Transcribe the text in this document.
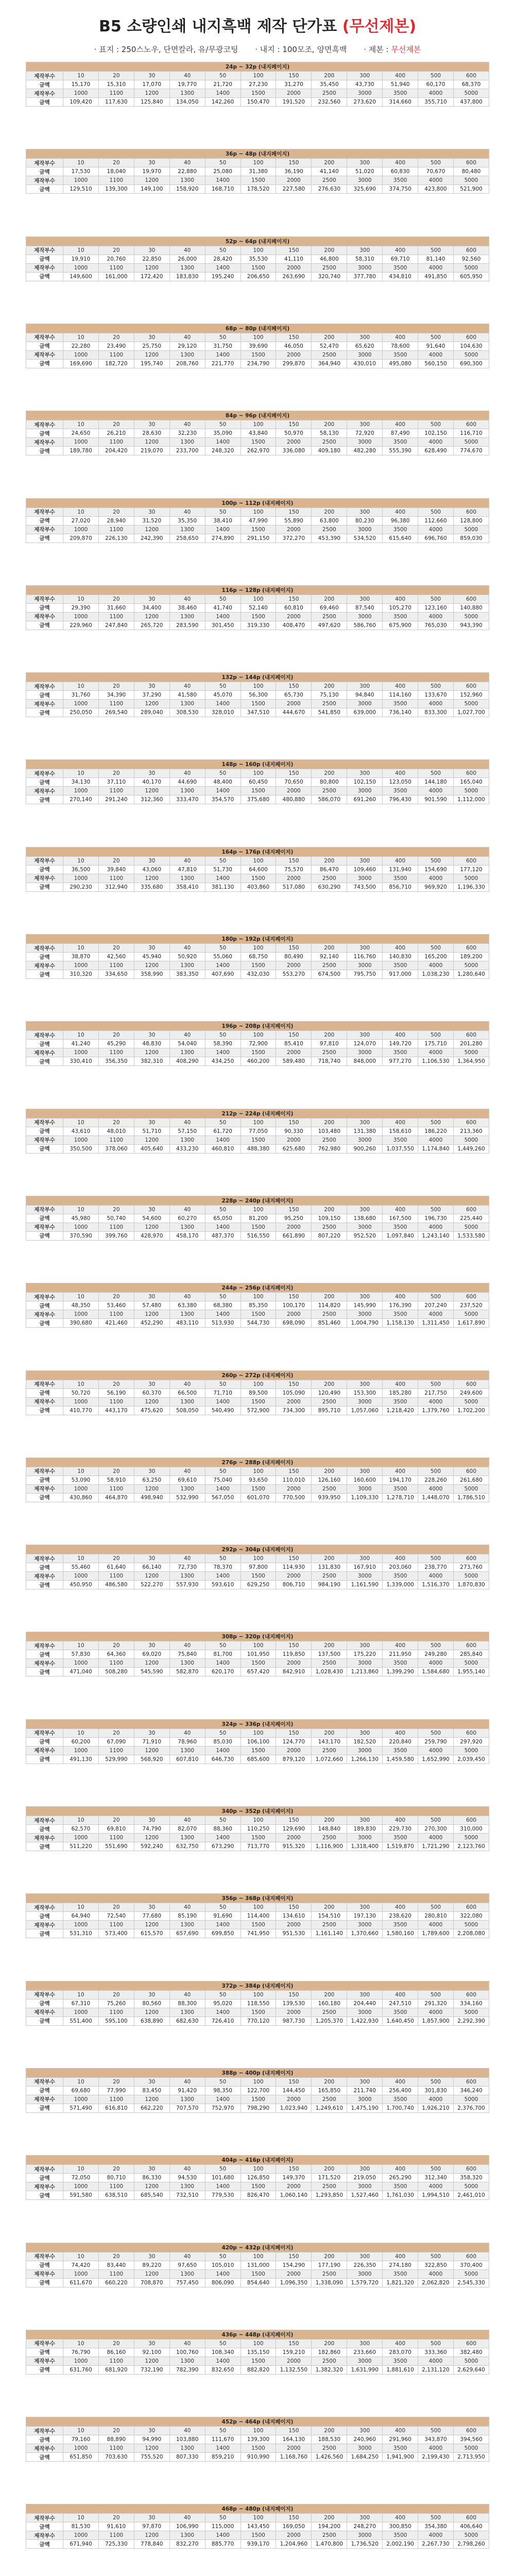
B5 소량인쇄 내지흑백 제작 단가표 (무선제본)
· 표지 : 250스노우, 단면칼라, 유/무광코팅 · 내지 : 100모조, 양면흑백 · 제본 : 무선제본
24p ~ 32p (내지페이지)												
제작부수	10	20	30	40	50	100	150	200	300	400	500	600
금액	15,170	15,310	17,070	19,770	21,720	27,230	31,270	35,450	43,730	51,940	60,170	68,370
제작부수	1000	1100	1200	1300	1400	1500	2000	2500	3000	3500	4000	5000
금액	109,420	117,630	125,840	134,050	142,260	150,470	191,520	232,560	273,620	314,660	355,710	437,800
36p ~ 48p (내지페이지)												
제작부수	10	20	30	40	50	100	150	200	300	400	500	600
금액	17,530	18,040	19,970	22,880	25,080	31,380	36,190	41,140	51,020	60,830	70,670	80,480
제작부수	1000	1100	1200	1300	1400	1500	2000	2500	3000	3500	4000	5000
금액	129,510	139,300	149,100	158,920	168,710	178,520	227,580	276,630	325,690	374,750	423,800	521,900
52p ~ 64p (내지페이지)												
제작부수	10	20	30	40	50	100	150	200	300	400	500	600
금액	19,910	20,760	22,850	26,000	28,420	35,530	41,110	46,800	58,310	69,710	81,140	92,560
제작부수	1000	1100	1200	1300	1400	1500	2000	2500	3000	3500	4000	5000
금액	149,600	161,000	172,420	183,830	195,240	206,650	263,690	320,740	377,780	434,810	491,850	605,950
68p ~ 80p (내지페이지)												
제작부수	10	20	30	40	50	100	150	200	300	400	500	600
금액	22,280	23,490	25,750	29,120	31,750	39,690	46,050	52,470	65,620	78,600	91,640	104,630
제작부수	1000	1100	1200	1300	1400	1500	2000	2500	3000	3500	4000	5000
금액	169,690	182,720	195,740	208,760	221,770	234,790	299,870	364,940	430,010	495,080	560,150	690,300
84p ~ 96p (내지페이지)												
제작부수	10	20	30	40	50	100	150	200	300	400	500	600
금액	24,650	26,210	28,630	32,230	35,090	43,840	50,970	58,130	72,920	87,490	102,150	116,710
제작부수	1000	1100	1200	1300	1400	1500	2000	2500	3000	3500	4000	5000
금액	189,780	204,420	219,070	233,700	248,320	262,970	336,080	409,180	482,280	555,390	628,490	774,670
100p ~ 112p (내지페이지)												
제작부수	10	20	30	40	50	100	150	200	300	400	500	600
금액	27,020	28,940	31,520	35,350	38,410	47,990	55,890	63,800	80,230	96,380	112,660	128,800
제작부수	1000	1100	1200	1300	1400	1500	2000	2500	3000	3500	4000	5000
금액	209,870	226,130	242,390	258,650	274,890	291,150	372,270	453,390	534,520	615,640	696,760	859,030
116p ~ 128p (내지페이지)												
제작부수	10	20	30	40	50	100	150	200	300	400	500	600
금액	29,390	31,660	34,400	38,460	41,740	52,140	60,810	69,460	87,540	105,270	123,160	140,880
제작부수	1000	1100	1200	1300	1400	1500	2000	2500	3000	3500	4000	5000
금액	229,960	247,840	265,720	283,590	301,450	319,330	408,470	497,620	586,760	675,900	765,030	943,390
132p ~ 144p (내지페이지)												
제작부수	10	20	30	40	50	100	150	200	300	400	500	600
금액	31,760	34,390	37,290	41,580	45,070	56,300	65,730	75,130	94,840	114,160	133,670	152,960
제작부수	1000	1100	1200	1300	1400	1500	2000	2500	3000	3500	4000	5000
금액	250,050	269,540	289,040	308,530	328,010	347,510	444,670	541,850	639,000	736,140	833,300	1,027,700
148p ~ 160p (내지페이지)												
제작부수	10	20	30	40	50	100	150	200	300	400	500	600
금액	34,130	37,110	40,170	44,690	48,400	60,450	70,650	80,800	102,150	123,050	144,180	165,040
제작부수	1000	1100	1200	1300	1400	1500	2000	2500	3000	3500	4000	5000
금액	270,140	291,240	312,360	333,470	354,570	375,680	480,880	586,070	691,260	796,430	901,590	1,112,000
164p ~ 176p (내지페이지)												
제작부수	10	20	30	40	50	100	150	200	300	400	500	600
금액	36,500	39,840	43,060	47,810	51,730	64,600	75,570	86,470	109,460	131,940	154,690	177,120
제작부수	1000	1100	1200	1300	1400	1500	2000	2500	3000	3500	4000	5000
금액	290,230	312,940	335,680	358,410	381,130	403,860	517,080	630,290	743,500	856,710	969,920	1,196,330
180p ~ 192p (내지페이지)												
제작부수	10	20	30	40	50	100	150	200	300	400	500	600
금액	38,870	42,560	45,940	50,920	55,060	68,750	80,490	92,140	116,760	140,830	165,200	189,200
제작부수	1000	1100	1200	1300	1400	1500	2000	2500	3000	3500	4000	5000
금액	310,320	334,650	358,990	383,350	407,690	432,030	553,270	674,500	795,750	917,000	1,038,230	1,280,640
196p ~ 208p (내지페이지)												
제작부수	10	20	30	40	50	100	150	200	300	400	500	600
금액	41,240	45,290	48,830	54,040	58,390	72,900	85,410	97,810	124,070	149,720	175,710	201,280
제작부수	1000	1100	1200	1300	1400	1500	2000	2500	3000	3500	4000	5000
금액	330,410	356,350	382,310	408,290	434,250	460,200	589,480	718,740	848,000	977,270	1,106,530	1,364,950
212p ~ 224p (내지페이지)												
제작부수	10	20	30	40	50	100	150	200	300	400	500	600
금액	43,610	48,010	51,710	57,150	61,720	77,050	90,330	103,480	131,380	158,610	186,220	213,360
제작부수	1000	1100	1200	1300	1400	1500	2000	2500	3000	3500	4000	5000
금액	350,500	378,060	405,640	433,230	460,810	488,380	625,680	762,980	900,260	1,037,550	1,174,840	1,449,260
228p ~ 240p (내지페이지)												
제작부수	10	20	30	40	50	100	150	200	300	400	500	600
금액	45,980	50,740	54,600	60,270	65,050	81,200	95,250	109,150	138,680	167,500	196,730	225,440
제작부수	1000	1100	1200	1300	1400	1500	2000	2500	3000	3500	4000	5000
금액	370,590	399,760	428,970	458,170	487,370	516,550	661,890	807,220	952,520	1,097,840	1,243,140	1,533,580
244p ~ 256p (내지페이지)												
제작부수	10	20	30	40	50	100	150	200	300	400	500	600
금액	48,350	53,460	57,480	63,380	68,380	85,350	100,170	114,820	145,990	176,390	207,240	237,520
제작부수	1000	1100	1200	1300	1400	1500	2000	2500	3000	3500	4000	5000
금액	390,680	421,460	452,290	483,110	513,930	544,730	698,090	851,460	1,004,790	1,158,130	1,311,450	1,617,890
260p ~ 272p (내지페이지)												
제작부수	10	20	30	40	50	100	150	200	300	400	500	600
금액	50,720	56,190	60,370	66,500	71,710	89,500	105,090	120,490	153,300	185,280	217,750	249,600
제작부수	1000	1100	1200	1300	1400	1500	2000	2500	3000	3500	4000	5000
금액	410,770	443,170	475,620	508,050	540,490	572,900	734,300	895,710	1,057,060	1,218,420	1,379,760	1,702,200
276p ~ 288p (내지페이지)												
제작부수	10	20	30	40	50	100	150	200	300	400	500	600
금액	53,090	58,910	63,250	69,610	75,040	93,650	110,010	126,160	160,600	194,170	228,260	261,680
제작부수	1000	1100	1200	1300	1400	1500	2000	2500	3000	3500	4000	5000
금액	430,860	464,870	498,940	532,990	567,050	601,070	770,500	939,950	1,109,330	1,278,710	1,448,070	1,786,510
292p ~ 304p (내지페이지)												
제작부수	10	20	30	40	50	100	150	200	300	400	500	600
금액	55,460	61,640	66,140	72,730	78,370	97,800	114,930	131,830	167,910	203,060	238,770	273,760
제작부수	1000	1100	1200	1300	1400	1500	2000	2500	3000	3500	4000	5000
금액	450,950	486,580	522,270	557,930	593,610	629,250	806,710	984,190	1,161,590	1,339,000	1,516,370	1,870,830
308p ~ 320p (내지페이지)												
제작부수	10	20	30	40	50	100	150	200	300	400	500	600
금액	57,830	64,360	69,020	75,840	81,700	101,950	119,850	137,500	175,220	211,950	249,280	285,840
제작부수	1000	1100	1200	1300	1400	1500	2000	2500	3000	3500	4000	5000
금액	471,040	508,280	545,590	582,870	620,170	657,420	842,910	1,028,430	1,213,860	1,399,290	1,584,680	1,955,140
324p ~ 336p (내지페이지)												
제작부수	10	20	30	40	50	100	150	200	300	400	500	600
금액	60,200	67,090	71,910	78,960	85,030	106,100	124,770	143,170	182,520	220,840	259,790	297,920
제작부수	1000	1100	1200	1300	1400	1500	2000	2500	3000	3500	4000	5000
금액	491,130	529,990	568,920	607,810	646,730	685,600	879,120	1,072,660	1,266,130	1,459,580	1,652,990	2,039,450
340p ~ 352p (내지페이지)												
제작부수	10	20	30	40	50	100	150	200	300	400	500	600
금액	62,570	69,810	74,790	82,070	88,360	110,250	129,690	148,840	189,830	229,730	270,300	310,000
제작부수	1000	1100	1200	1300	1400	1500	2000	2500	3000	3500	4000	5000
금액	511,220	551,690	592,240	632,750	673,290	713,770	915,320	1,116,900	1,318,400	1,519,870	1,721,290	2,123,760
356p ~ 368p (내지페이지)												
제작부수	10	20	30	40	50	100	150	200	300	400	500	600
금액	64,940	72,540	77,680	85,190	91,690	114,400	134,610	154,510	197,130	238,620	280,810	322,080
제작부수	1000	1100	1200	1300	1400	1500	2000	2500	3000	3500	4000	5000
금액	531,310	573,400	615,570	657,690	699,850	741,950	951,530	1,161,140	1,370,660	1,580,160	1,789,600	2,208,080
372p ~ 384p (내지페이지)												
제작부수	10	20	30	40	50	100	150	200	300	400	500	600
금액	67,310	75,260	80,560	88,300	95,020	118,550	139,530	160,180	204,440	247,510	291,320	334,160
제작부수	1000	1100	1200	1300	1400	1500	2000	2500	3000	3500	4000	5000
금액	551,400	595,100	638,890	682,630	726,410	770,120	987,730	1,205,370	1,422,930	1,640,450	1,857,900	2,292,390
388p ~ 400p (내지페이지)												
제작부수	10	20	30	40	50	100	150	200	300	400	500	600
금액	69,680	77,990	83,450	91,420	98,350	122,700	144,450	165,850	211,740	256,400	301,830	346,240
제작부수	1000	1100	1200	1300	1400	1500	2000	2500	3000	3500	4000	5000
금액	571,490	616,810	662,220	707,570	752,970	798,290	1,023,940	1,249,610	1,475,190	1,700,740	1,926,210	2,376,700
404p ~ 416p (내지페이지)												
제작부수	10	20	30	40	50	100	150	200	300	400	500	600
금액	72,050	80,710	86,330	94,530	101,680	126,850	149,370	171,520	219,050	265,290	312,340	358,320
제작부수	1000	1100	1200	1300	1400	1500	2000	2500	3000	3500	4000	5000
금액	591,580	638,510	685,540	732,510	779,530	826,470	1,060,140	1,293,850	1,527,460	1,761,030	1,994,510	2,461,010
420p ~ 432p (내지페이지)												
제작부수	10	20	30	40	50	100	150	200	300	400	500	600
금액	74,420	83,440	89,220	97,650	105,010	131,000	154,290	177,190	226,350	274,180	322,850	370,400
제작부수	1000	1100	1200	1300	1400	1500	2000	2500	3000	3500	4000	5000
금액	611,670	660,220	708,870	757,450	806,090	854,640	1,096,350	1,338,090	1,579,720	1,821,320	2,062,820	2,545,330
436p ~ 448p (내지페이지)												
제작부수	10	20	30	40	50	100	150	200	300	400	500	600
금액	76,790	86,160	92,100	100,760	108,340	135,150	159,210	182,860	233,660	283,070	333,360	382,480
제작부수	1000	1100	1200	1300	1400	1500	2000	2500	3000	3500	4000	5000
금액	631,760	681,920	732,190	782,390	832,650	882,820	1,132,550	1,382,320	1,631,990	1,881,610	2,131,120	2,629,640
452p ~ 464p (내지페이지)												
제작부수	10	20	30	40	50	100	150	200	300	400	500	600
금액	79,160	88,890	94,990	103,880	111,670	139,300	164,130	188,530	240,960	291,960	343,870	394,560
제작부수	1000	1100	1200	1300	1400	1500	2000	2500	3000	3500	4000	5000
금액	651,850	703,630	755,520	807,330	859,210	910,990	1,168,760	1,426,560	1,684,250	1,941,900	2,199,430	2,713,950
468p ~ 480p (내지페이지)												
제작부수	10	20	30	40	50	100	150	200	300	400	500	600
금액	81,530	91,610	97,870	106,990	115,000	143,450	169,050	194,200	248,270	300,850	354,380	406,640
제작부수	1000	1100	1200	1300	1400	1500	2000	2500	3000	3500	4000	5000
금액	671,940	725,330	778,840	832,270	885,770	939,170	1,204,960	1,470,800	1,736,520	2,002,190	2,267,730	2,798,260
